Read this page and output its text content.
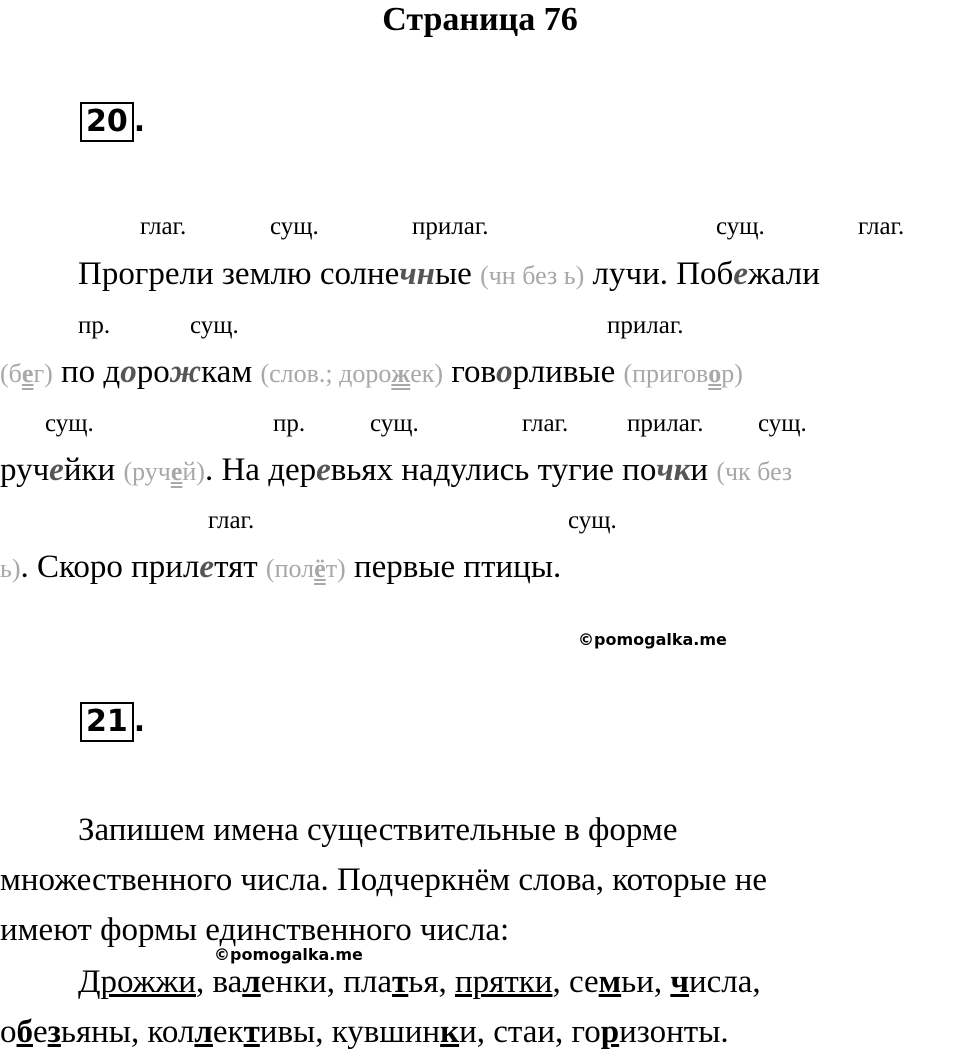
Страница 76
20 .
глаг.	сущ.	прилаг.	сущ.	глаг.
Прогрели землю солнечные (чн без ь) лучи. Побежали
пр.	сущ.	прилаг.
(бег) по дорожкам (слов.; дорожек) говорливые (приговор)
сущ.	пр.	сущ.	глаг. прилаг. сущ.
ручейки (ручей). На деревьях надулись тугие почки (чк без
глаг.	сущ.
ь). Скоро прилетят (полёт) первые птицы.
©pomogalka.me
21 .
Запишем имена существительные в форме
множественного числа. Подчеркнём слова, которые не
имеют формы единственного числа:
©pomogalka.me
Дрожжи, валенки, платья, прятки, семьи, числа,
обезьяны, коллективы, кувшинки, стаи, горизонты.
